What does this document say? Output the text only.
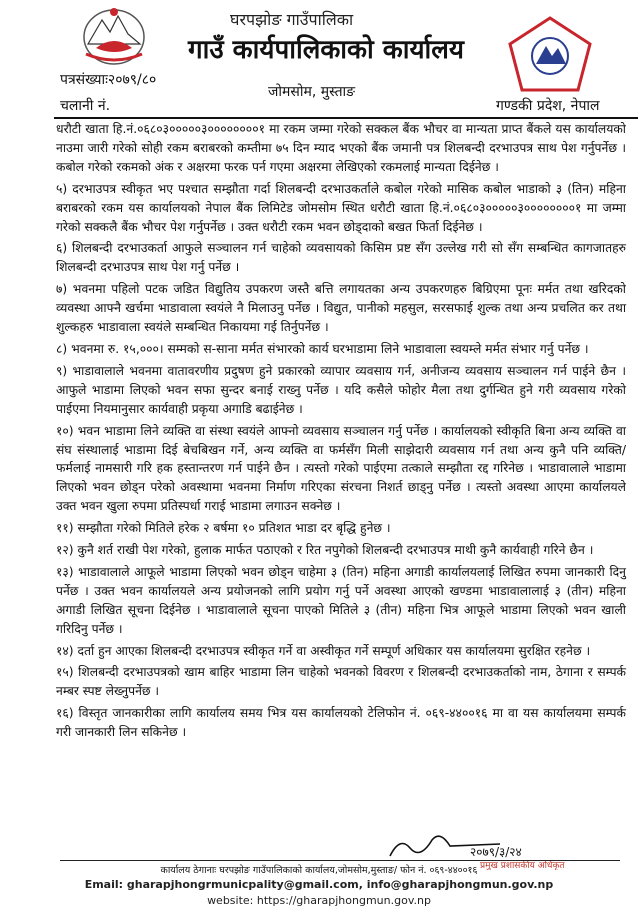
घरपझोङ गाउँपालिका
गाउँ कार्यपालिकाको कार्यालय
पत्रसंख्याः२०७९/८०
जोमसोम, मुस्ताङ
चलानी नं.	गण्डकी प्रदेश, नेपाल

धरौटी खाता हि.नं.०६८०३०००००३००००००००१ मा रकम जम्मा गरेको सक्कल बैंक भौचर वा मान्यता प्राप्त बैंकले यस कार्यालयको नाउमा जारी गरेको सोही रकम बराबरको कम्तीमा ७५ दिन म्याद भएको बैंक जमानी पत्र शिलबन्दी दरभाउपत्र साथ पेश गर्नुपर्नेछ । कबोल गरेको रकमको अंक र अक्षरमा फरक पर्न गएमा अक्षरमा लेखिएको रकमलाई मान्यता दिईनेछ ।

५) दरभाउपत्र स्वीकृत भए पश्चात सम्झौता गर्दा शिलबन्दी दरभाउकर्ताले कबोल गरेको मासिक कबोल भाडाको ३ (तिन) महिना बराबरको रकम यस कार्यालयको नेपाल बैंक लिमिटेड जोमसोम स्थित धरौटी खाता हि.नं.०६८०३०००००३००००००००१ मा जम्मा गरेको सक्कलै बैंक भौचर पेश गर्नुपर्नेछ । उक्त धरौटी रकम भवन छोड्दाको बखत फिर्ता दिईनेछ ।

६) शिलबन्दी दरभाउकर्ता आफुले सञ्चालन गर्न चाहेको व्यवसायको किसिम प्रष्ट सँग उल्लेख गरी सो सँग सम्बन्धित कागजातहरु शिलबन्दी दरभाउपत्र साथ पेश गर्नु पर्नेछ ।

७) भवनमा पहिलो पटक जडित विद्युतिय उपकरण जस्तै बत्ति लगायतका अन्य उपकरणहरु बिग्रिएमा पूनः मर्मत तथा खरिदको व्यवस्था आफ्नै खर्चमा भाडावाला स्वयंले नै मिलाउनु पर्नेछ । विद्युत, पानीको महसुल, सरसफाई शुल्क तथा अन्य प्रचलित कर तथा शुल्कहरु भाडावाला स्वयंले सम्बन्धित निकायमा गई तिर्नुपर्नेछ ।

८) भवनमा रु. १५,०००। सम्मको स-साना मर्मत संभारको कार्य घरभाडामा लिने भाडावाला स्वयम्ले मर्मत संभार गर्नु पर्नेछ ।

९) भाडावालाले भवनमा वातावरणीय प्रदुषण हुने प्रकारको व्यापार व्यवसाय गर्न, अनीजन्य व्यवसाय सञ्चालन गर्न पाईने छैन । आफुले भाडामा लिएको भवन सफा सुन्दर बनाई राख्नु पर्नेछ । यदि कसैले फोहोर मैला तथा दुर्गन्धित हुने गरी व्यवसाय गरेको पाईएमा नियमानुसार कार्यवाही प्रकृया अगाडि बढाईनेछ ।

१०) भवन भाडामा लिने व्यक्ति वा संस्था स्वयंले आफ्नो व्यवसाय सञ्चालन गर्नु पर्नेछ । कार्यालयको स्वीकृति बिना अन्य व्यक्ति वा संघ संस्थालाई भाडामा दिई बेचबिखन गर्ने, अन्य व्यक्ति वा फर्मसँग मिली साझेदारी व्यवसाय गर्न तथा अन्य कुनै पनि व्यक्ति/फर्मलाई नामसारी गरि हक हस्तान्तरण गर्न पाईने छैन । त्यस्तो गरेको पाईएमा तत्काले सम्झौता रद्द गरिनेछ । भाडावालाले भाडामा लिएको भवन छोड्न परेको अवस्थामा भवनमा निर्माण गरिएका संरचना निशर्त छाड्नु पर्नेछ । त्यस्तो अवस्था आएमा कार्यालयले उक्त भवन खुला रुपमा प्रतिस्पर्धा गराई भाडामा लगाउन सक्नेछ ।

११) सम्झौता गरेको मितिले हरेक २ बर्षमा १० प्रतिशत भाडा दर बृद्धि हुनेछ ।

१२) कुनै शर्त राखी पेश गरेको, हुलाक मार्फत पठाएको र रित नपुगेको शिलबन्दी दरभाउपत्र माथी कुनै कार्यवाही गरिने छैन ।

१३) भाडावालाले आफूले भाडामा लिएको भवन छोड्न चाहेमा ३ (तिन) महिना अगाडी कार्यालयलाई लिखित रुपमा जानकारी दिनु पर्नेछ । उक्त भवन कार्यालयले अन्य प्रयोजनको लागि प्रयोग गर्नु पर्ने अवस्था आएको खण्डमा भाडावालालाई ३ (तीन) महिना अगाडी लिखित सूचना दिईनेछ । भाडावालाले सूचना पाएको मितिले ३ (तीन) महिना भित्र आफूले भाडामा लिएको भवन खाली गरिदिनु पर्नेछ ।

१४) दर्ता हुन आएका शिलबन्दी दरभाउपत्र स्वीकृत गर्ने वा अस्वीकृत गर्ने सम्पूर्ण अधिकार यस कार्यालयमा सुरक्षित रहनेछ ।

१५) शिलबन्दी दरभाउपत्रको खाम बाहिर भाडामा लिन चाहेको भवनको विवरण र शिलबन्दी दरभाउकर्ताको नाम, ठेगाना र सम्पर्क नम्बर स्पष्ट लेख्नुपर्नेछ ।

१६) विस्तृत जानकारीका लागि कार्यालय समय भित्र यस कार्यालयको टेलिफोन नं. ०६९-४४००१६ मा वा यस कार्यालयमा सम्पर्क गरी जानकारी लिन सकिनेछ ।

२०७९/३/२४
प्रमुख प्रशासकीय अधिकृत
कार्यालय ठेगानाः घरपझोङ गाउँपालिकाको कार्यालय,जोमसोम,मुस्ताङ/ फोन नं. ०६९-४४००१६
Email: gharapjhongrmunicpality@gmail.com, info@gharapjhongmun.gov.np
website: https://gharapjhongmun.gov.np
